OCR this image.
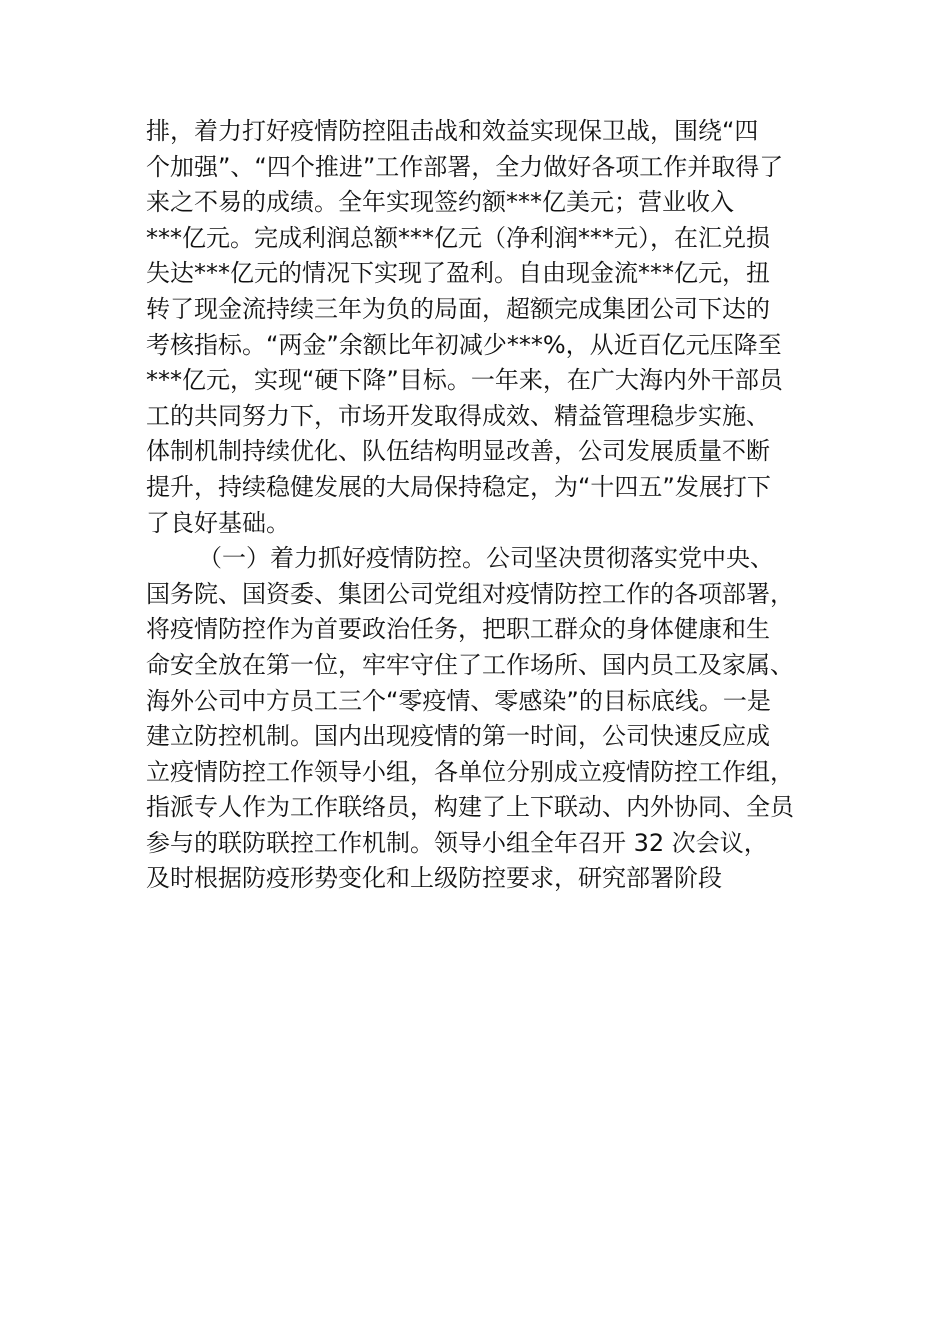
排，着力打好疫情防控阻击战和效益实现保卫战，围绕“四
个加强”、“四个推进”工作部署，全力做好各项工作并取得了
来之不易的成绩。全年实现签约额***亿美元；营业收入
***亿元。完成利润总额***亿元（净利润***元），在汇兑损
失达***亿元的情况下实现了盈利。自由现金流***亿元，扭
转了现金流持续三年为负的局面，超额完成集团公司下达的
考核指标。“两金”余额比年初减少***%，从近百亿元压降至
***亿元，实现“硬下降”目标。一年来，在广大海内外干部员
工的共同努力下，市场开发取得成效、精益管理稳步实施、
体制机制持续优化、队伍结构明显改善，公司发展质量不断
提升，持续稳健发展的大局保持稳定，为“十四五”发展打下
了良好基础。
（一）着力抓好疫情防控。公司坚决贯彻落实党中央、
国务院、国资委、集团公司党组对疫情防控工作的各项部署，
将疫情防控作为首要政治任务，把职工群众的身体健康和生
命安全放在第一位，牢牢守住了工作场所、国内员工及家属、
海外公司中方员工三个“零疫情、零感染”的目标底线。一是
建立防控机制。国内出现疫情的第一时间，公司快速反应成
立疫情防控工作领导小组，各单位分别成立疫情防控工作组，
指派专人作为工作联络员，构建了上下联动、内外协同、全员
参与的联防联控工作机制。领导小组全年召开 32 次会议，
及时根据防疫形势变化和上级防控要求，研究部署阶段
